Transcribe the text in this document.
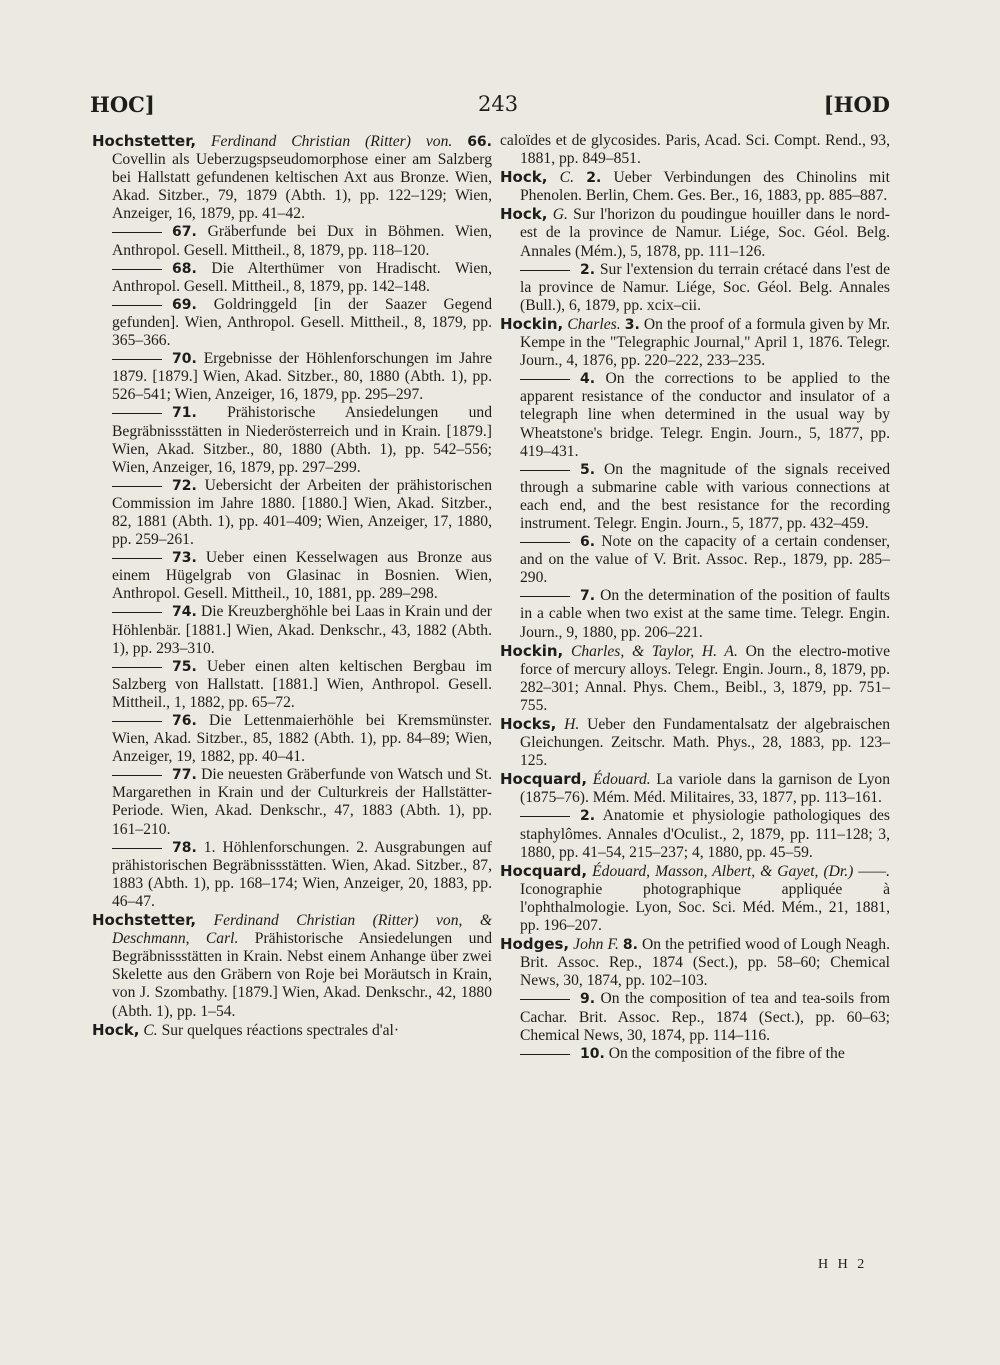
HOC]	243	[HOD

Hochstetter, Ferdinand Christian (Ritter) von. 66. Covellin als Ueberzugspseudomorphose einer am Salzberg bei Hallstatt gefundenen keltischen Axt aus Bronze. Wien, Akad. Sitzber., 79, 1879 (Abth. 1), pp. 122–129; Wien, Anzeiger, 16, 1879, pp. 41–42.

67. Gräberfunde bei Dux in Böhmen. Wien, Anthropol. Gesell. Mittheil., 8, 1879, pp. 118–120.

68. Die Alterthümer von Hradischt. Wien, Anthropol. Gesell. Mittheil., 8, 1879, pp. 142–148.

69. Goldringgeld [in der Saazer Gegend gefunden]. Wien, Anthropol. Gesell. Mittheil., 8, 1879, pp. 365–366.

70. Ergebnisse der Höhlenforschungen im Jahre 1879. [1879.] Wien, Akad. Sitzber., 80, 1880 (Abth. 1), pp. 526–541; Wien, Anzeiger, 16, 1879, pp. 295–297.

71. Prähistorische Ansiedelungen und Begräbnissstätten in Niederösterreich und in Krain. [1879.] Wien, Akad. Sitzber., 80, 1880 (Abth. 1), pp. 542–556; Wien, Anzeiger, 16, 1879, pp. 297–299.

72. Uebersicht der Arbeiten der prähistorischen Commission im Jahre 1880. [1880.] Wien, Akad. Sitzber., 82, 1881 (Abth. 1), pp. 401–409; Wien, Anzeiger, 17, 1880, pp. 259–261.

73. Ueber einen Kesselwagen aus Bronze aus einem Hügelgrab von Glasinac in Bosnien. Wien, Anthropol. Gesell. Mittheil., 10, 1881, pp. 289–298.

74. Die Kreuzberghöhle bei Laas in Krain und der Höhlenbär. [1881.] Wien, Akad. Denkschr., 43, 1882 (Abth. 1), pp. 293–310.

75. Ueber einen alten keltischen Bergbau im Salzberg von Hallstatt. [1881.] Wien, Anthropol. Gesell. Mittheil., 1, 1882, pp. 65–72.

76. Die Lettenmaierhöhle bei Kremsmünster. Wien, Akad. Sitzber., 85, 1882 (Abth. 1), pp. 84–89; Wien, Anzeiger, 19, 1882, pp. 40–41.

77. Die neuesten Gräberfunde von Watsch und St. Margarethen in Krain und der Culturkreis der Hallstätter-Periode. Wien, Akad. Denkschr., 47, 1883 (Abth. 1), pp. 161–210.

78. 1. Höhlenforschungen. 2. Ausgrabungen auf prähistorischen Begräbnissstätten. Wien, Akad. Sitzber., 87, 1883 (Abth. 1), pp. 168–174; Wien, Anzeiger, 20, 1883, pp. 46–47.

Hochstetter, Ferdinand Christian (Ritter) von, & Deschmann, Carl. Prähistorische Ansiedelungen und Begräbnissstätten in Krain. Nebst einem Anhange über zwei Skelette aus den Gräbern von Roje bei Moräutsch in Krain, von J. Szombathy. [1879.] Wien, Akad. Denkschr., 42, 1880 (Abth. 1), pp. 1–54.

Hock, C. Sur quelques réactions spectrales d'al·

caloïdes et de glycosides. Paris, Acad. Sci. Compt. Rend., 93, 1881, pp. 849–851.

Hock, C. 2. Ueber Verbindungen des Chinolins mit Phenolen. Berlin, Chem. Ges. Ber., 16, 1883, pp. 885–887.

Hock, G. Sur l'horizon du poudingue houiller dans le nord-est de la province de Namur. Liége, Soc. Géol. Belg. Annales (Mém.), 5, 1878, pp. 111–126.

2. Sur l'extension du terrain crétacé dans l'est de la province de Namur. Liége, Soc. Géol. Belg. Annales (Bull.), 6, 1879, pp. xcix–cii.

Hockin, Charles. 3. On the proof of a formula given by Mr. Kempe in the "Telegraphic Journal," April 1, 1876. Telegr. Journ., 4, 1876, pp. 220–222, 233–235.

4. On the corrections to be applied to the apparent resistance of the conductor and insulator of a telegraph line when determined in the usual way by Wheatstone's bridge. Telegr. Engin. Journ., 5, 1877, pp. 419–431.

5. On the magnitude of the signals received through a submarine cable with various connections at each end, and the best resistance for the recording instrument. Telegr. Engin. Journ., 5, 1877, pp. 432–459.

6. Note on the capacity of a certain condenser, and on the value of V. Brit. Assoc. Rep., 1879, pp. 285–290.

7. On the determination of the position of faults in a cable when two exist at the same time. Telegr. Engin. Journ., 9, 1880, pp. 206–221.

Hockin, Charles, & Taylor, H. A. On the electro-motive force of mercury alloys. Telegr. Engin. Journ., 8, 1879, pp. 282–301; Annal. Phys. Chem., Beibl., 3, 1879, pp. 751–755.

Hocks, H. Ueber den Fundamentalsatz der algebraischen Gleichungen. Zeitschr. Math. Phys., 28, 1883, pp. 123–125.

Hocquard, Édouard. La variole dans la garnison de Lyon (1875–76). Mém. Méd. Militaires, 33, 1877, pp. 113–161.

2. Anatomie et physiologie pathologiques des staphylômes. Annales d'Oculist., 2, 1879, pp. 111–128; 3, 1880, pp. 41–54, 215–237; 4, 1880, pp. 45–59.

Hocquard, Édouard, Masson, Albert, & Gayet, (Dr.) ——. Iconographie photographique appliquée à l'ophthalmologie. Lyon, Soc. Sci. Méd. Mém., 21, 1881, pp. 196–207.

Hodges, John F. 8. On the petrified wood of Lough Neagh. Brit. Assoc. Rep., 1874 (Sect.), pp. 58–60; Chemical News, 30, 1874, pp. 102–103.

9. On the composition of tea and tea-soils from Cachar. Brit. Assoc. Rep., 1874 (Sect.), pp. 60–63; Chemical News, 30, 1874, pp. 114–116.

10. On the composition of the fibre of the

H H 2
